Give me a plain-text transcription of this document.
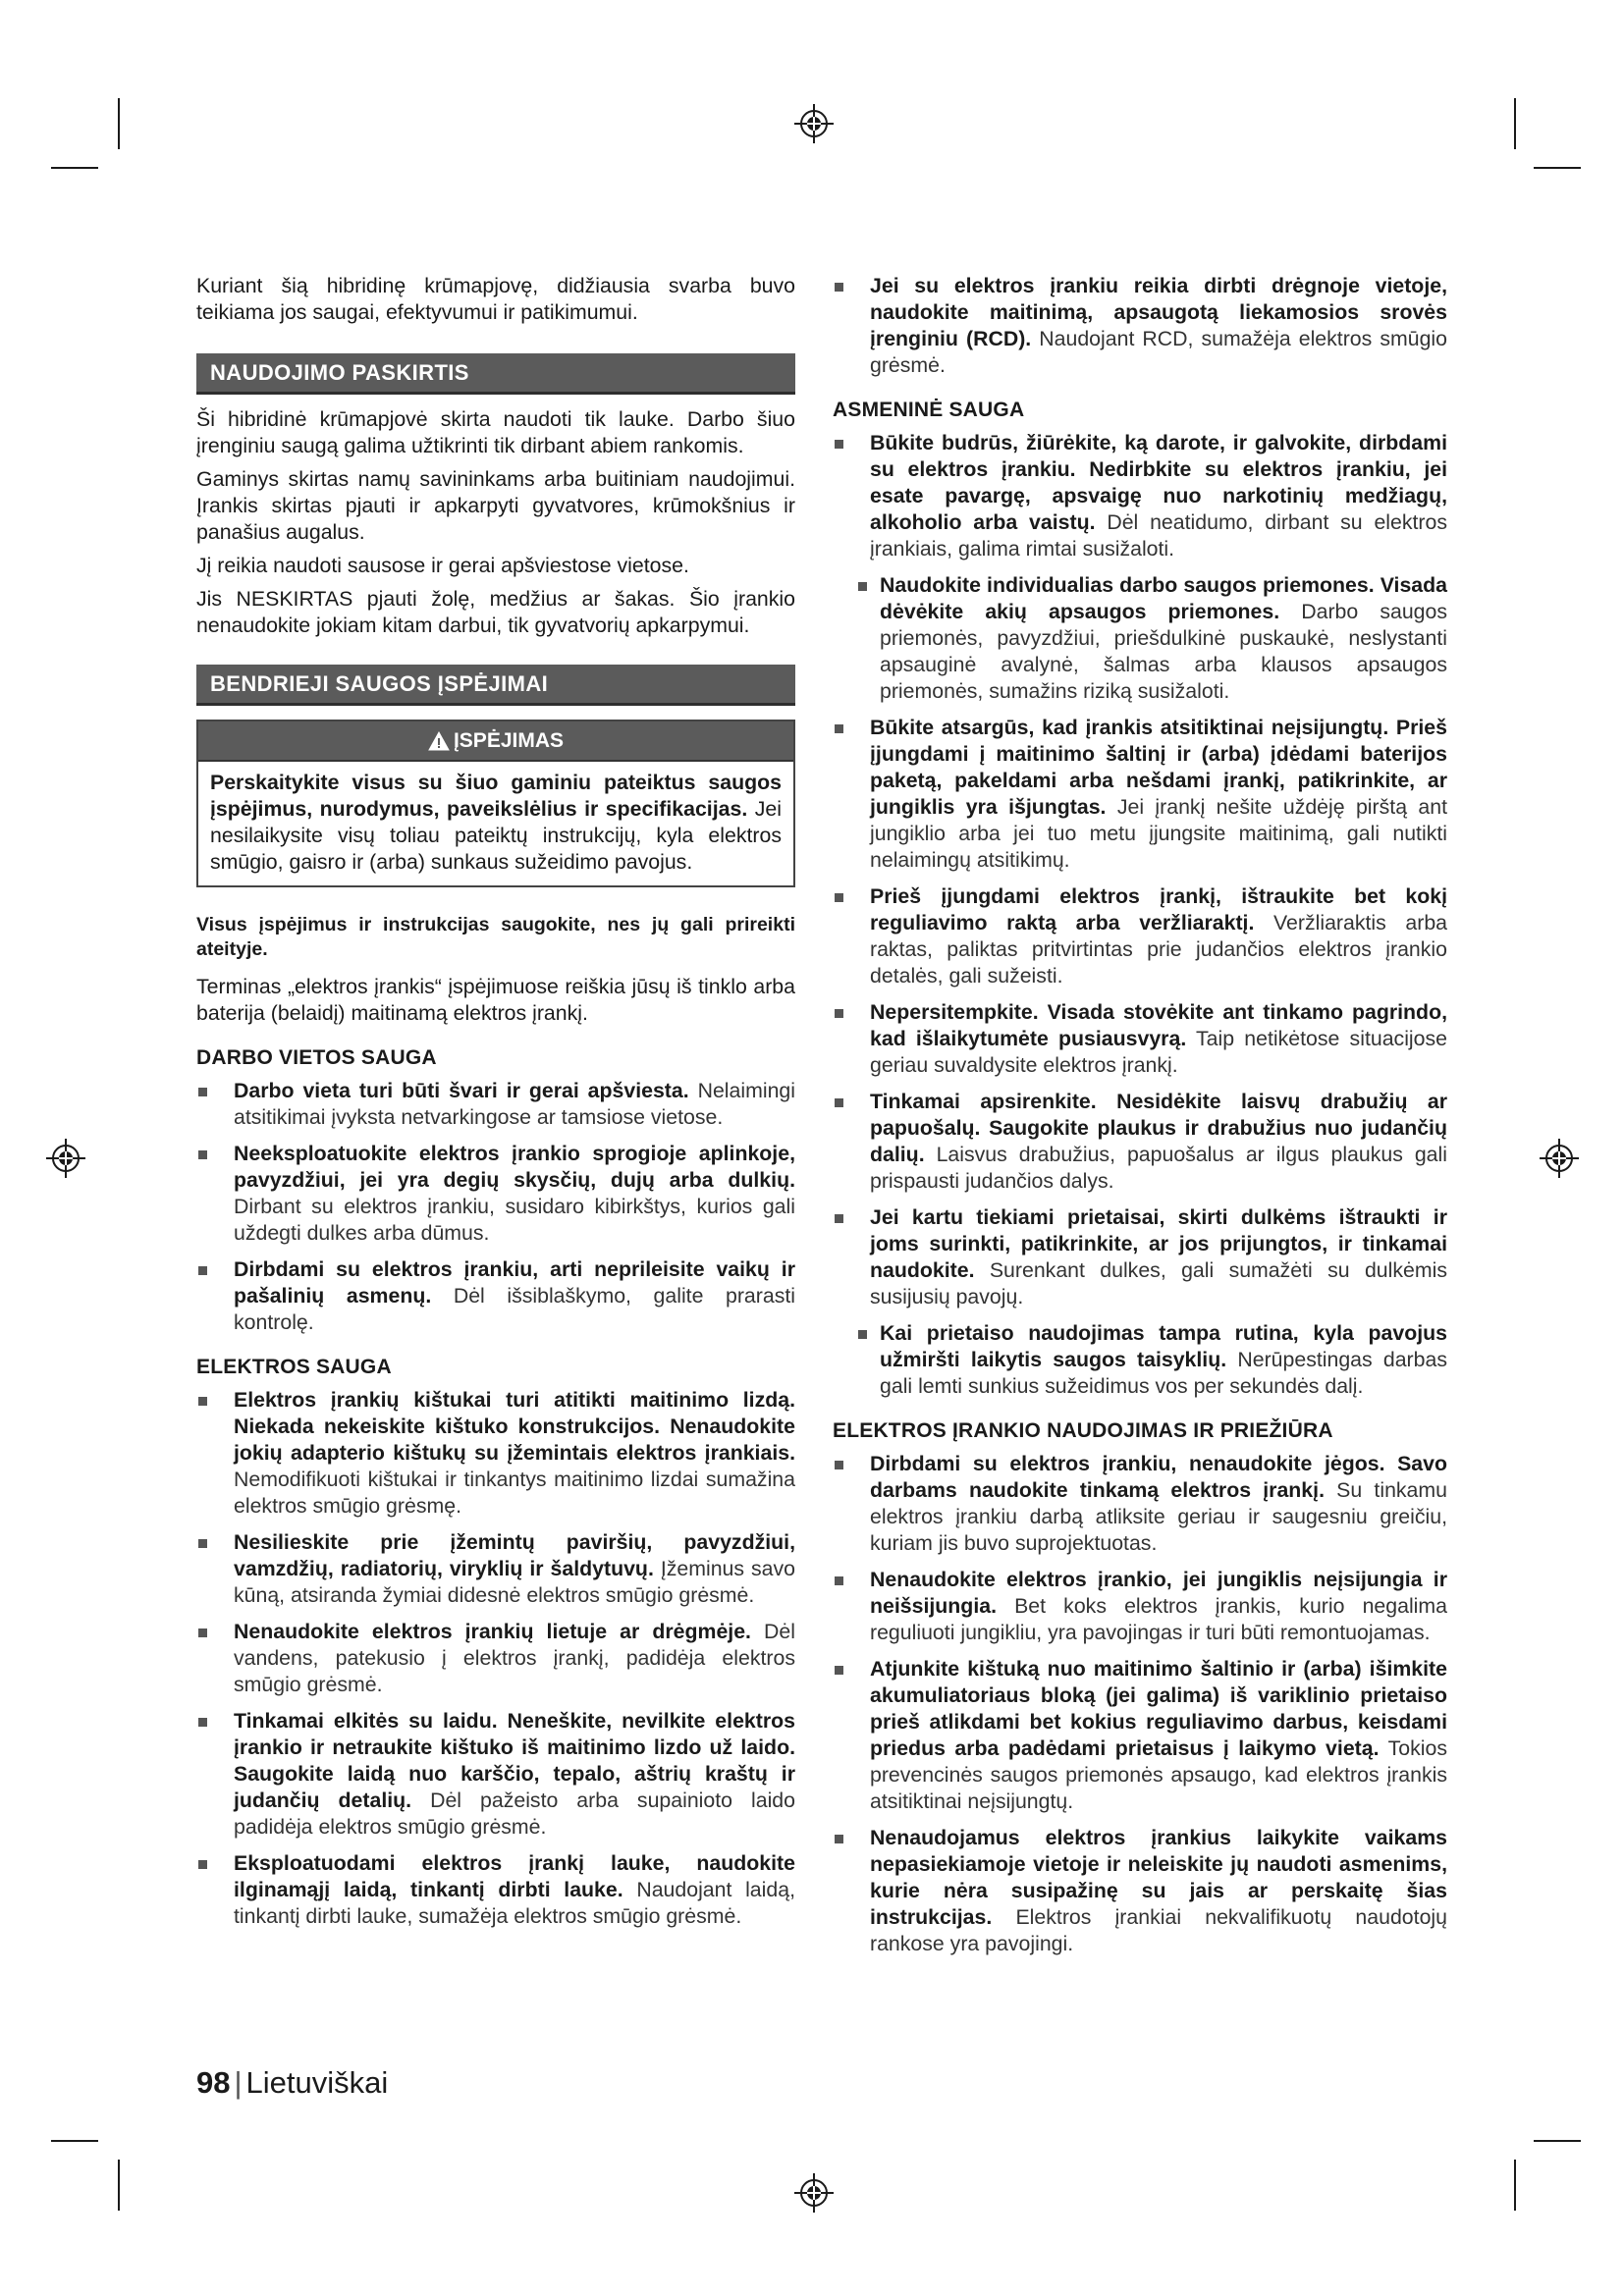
Kuriant šią hibridinę krūmapjovę, didžiausia svarba buvo teikiama jos saugai, efektyvumui ir patikimumui.

NAUDOJIMO PASKIRTIS

Ši hibridinė krūmapjovė skirta naudoti tik lauke. Darbo šiuo įrenginiu saugą galima užtikrinti tik dirbant abiem rankomis.

Gaminys skirtas namų savininkams arba buitiniam naudojimui. Įrankis skirtas pjauti ir apkarpyti gyvatvores, krūmokšnius ir panašius augalus.

Jį reikia naudoti sausose ir gerai apšviestose vietose.

Jis NESKIRTAS pjauti žolę, medžius ar šakas. Šio įrankio nenaudokite jokiam kitam darbui, tik gyvatvorių apkarpymui.

BENDRIEJI SAUGOS ĮSPĖJIMAI
ĮSPĖJIMAS

Perskaitykite visus su šiuo gaminiu pateiktus saugos įspėjimus, nurodymus, paveikslėlius ir specifikacijas. Jei nesilaikysite visų toliau pateiktų instrukcijų, kyla elektros smūgio, gaisro ir (arba) sunkaus sužeidimo pavojus.

Visus įspėjimus ir instrukcijas saugokite, nes jų gali prireikti ateityje.

Terminas „elektros įrankis“ įspėjimuose reiškia jūsų iš tinklo arba baterija (belaidį) maitinamą elektros įrankį.

DARBO VIETOS SAUGA
Darbo vieta turi būti švari ir gerai apšviesta. Nelaimingi atsitikimai įvyksta netvarkingose ar tamsiose vietose.
Neeksploatuokite elektros įrankio sprogioje aplinkoje, pavyzdžiui, jei yra degių skysčių, dujų arba dulkių. Dirbant su elektros įrankiu, susidaro kibirkštys, kurios gali uždegti dulkes arba dūmus.
Dirbdami su elektros įrankiu, arti neprileisite vaikų ir pašalinių asmenų. Dėl išsiblaškymo, galite prarasti kontrolę.
ELEKTROS SAUGA
Elektros įrankių kištukai turi atitikti maitinimo lizdą. Niekada nekeiskite kištuko konstrukcijos. Nenaudokite jokių adapterio kištukų su įžemintais elektros įrankiais. Nemodifikuoti kištukai ir tinkantys maitinimo lizdai sumažina elektros smūgio grėsmę.
Nesilieskite prie įžemintų paviršių, pavyzdžiui, vamzdžių, radiatorių, viryklių ir šaldytuvų. Įžeminus savo kūną, atsiranda žymiai didesnė elektros smūgio grėsmė.
Nenaudokite elektros įrankių lietuje ar drėgmėje. Dėl vandens, patekusio į elektros įrankį, padidėja elektros smūgio grėsmė.
Tinkamai elkitės su laidu. Neneškite, nevilkite elektros įrankio ir netraukite kištuko iš maitinimo lizdo už laido. Saugokite laidą nuo karščio, tepalo, aštrių kraštų ir judančių detalių. Dėl pažeisto arba supainioto laido padidėja elektros smūgio grėsmė.
Eksploatuodami elektros įrankį lauke, naudokite ilginamąjį laidą, tinkantį dirbti lauke. Naudojant laidą, tinkantį dirbti lauke, sumažėja elektros smūgio grėsmė.
Jei su elektros įrankiu reikia dirbti drėgnoje vietoje, naudokite maitinimą, apsaugotą liekamosios srovės įrenginiu (RCD). Naudojant RCD, sumažėja elektros smūgio grėsmė.
ASMENINĖ SAUGA
Būkite budrūs, žiūrėkite, ką darote, ir galvokite, dirbdami su elektros įrankiu. Nedirbkite su elektros įrankiu, jei esate pavargę, apsvaigę nuo narkotinių medžiagų, alkoholio arba vaistų. Dėl neatidumo, dirbant su elektros įrankiais, galima rimtai susižaloti.
Naudokite individualias darbo saugos priemones. Visada dėvėkite akių apsaugos priemones. Darbo saugos priemonės, pavyzdžiui, priešdulkinė puskaukė, neslystanti apsauginė avalynė, šalmas arba klausos apsaugos priemonės, sumažins riziką susižaloti.
Būkite atsargūs, kad įrankis atsitiktinai neįsijungtų. Prieš įjungdami į maitinimo šaltinį ir (arba) įdėdami baterijos paketą, pakeldami arba nešdami įrankį, patikrinkite, ar jungiklis yra išjungtas. Jei įrankį nešite uždėję pirštą ant jungiklio arba jei tuo metu įjungsite maitinimą, gali nutikti nelaimingų atsitikimų.
Prieš įjungdami elektros įrankį, ištraukite bet kokį reguliavimo raktą arba veržliaraktį. Veržliaraktis arba raktas, paliktas pritvirtintas prie judančios elektros įrankio detalės, gali sužeisti.
Nepersitempkite. Visada stovėkite ant tinkamo pagrindo, kad išlaikytumėte pusiausvyrą. Taip netikėtose situacijose geriau suvaldysite elektros įrankį.
Tinkamai apsirenkite. Nesidėkite laisvų drabužių ar papuošalų. Saugokite plaukus ir drabužius nuo judančių dalių. Laisvus drabužius, papuošalus ar ilgus plaukus gali prispausti judančios dalys.
Jei kartu tiekiami prietaisai, skirti dulkėms ištraukti ir joms surinkti, patikrinkite, ar jos prijungtos, ir tinkamai naudokite. Surenkant dulkes, gali sumažėti su dulkėmis susijusių pavojų.
Kai prietaiso naudojimas tampa rutina, kyla pavojus užmiršti laikytis saugos taisyklių. Nerūpestingas darbas gali lemti sunkius sužeidimus vos per sekundės dalį.
ELEKTROS ĮRANKIO NAUDOJIMAS IR PRIEŽIŪRA
Dirbdami su elektros įrankiu, nenaudokite jėgos. Savo darbams naudokite tinkamą elektros įrankį. Su tinkamu elektros įrankiu darbą atliksite geriau ir saugesniu greičiu, kuriam jis buvo suprojektuotas.
Nenaudokite elektros įrankio, jei jungiklis neįsijungia ir neišsijungia. Bet koks elektros įrankis, kurio negalima reguliuoti jungikliu, yra pavojingas ir turi būti remontuojamas.
Atjunkite kištuką nuo maitinimo šaltinio ir (arba) išimkite akumuliatoriaus bloką (jei galima) iš variklinio prietaiso prieš atlikdami bet kokius reguliavimo darbus, keisdami priedus arba padėdami prietaisus į laikymo vietą. Tokios prevencinės saugos priemonės apsaugo, kad elektros įrankis atsitiktinai neįsijungtų.
Nenaudojamus elektros įrankius laikykite vaikams nepasiekiamoje vietoje ir neleiskite jų naudoti asmenims, kurie nėra susipažinę su jais ar perskaitę šias instrukcijas. Elektros įrankiai nekvalifikuotų naudotojų rankose yra pavojingi.
98 | Lietuviškai
